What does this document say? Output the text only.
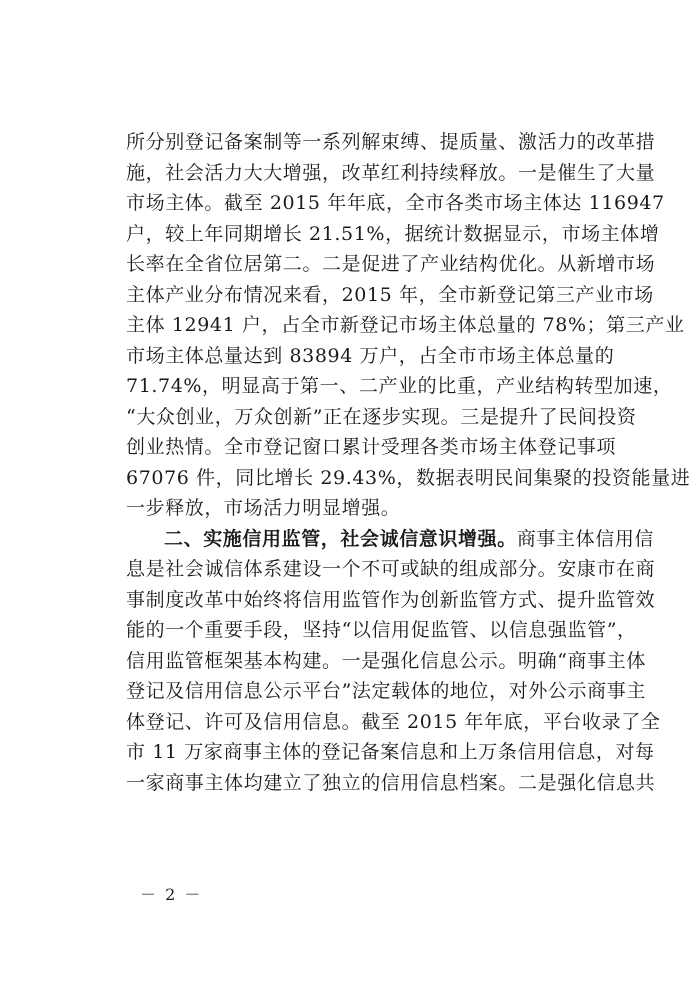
所分别登记备案制等一系列解束缚、提质量、激活力的改革措
施，社会活力大大增强，改革红利持续释放。一是催生了大量
市场主体。截至 2015 年年底，全市各类市场主体达 116947
户，较上年同期增长 21.51%，据统计数据显示，市场主体增
长率在全省位居第二。二是促进了产业结构优化。从新增市场
主体产业分布情况来看，2015 年，全市新登记第三产业市场
主体 12941 户，占全市新登记市场主体总量的 78%；第三产业
市场主体总量达到 83894 万户，占全市市场主体总量的
71.74%，明显高于第一、二产业的比重，产业结构转型加速，
“大众创业，万众创新”正在逐步实现。三是提升了民间投资
创业热情。全市登记窗口累计受理各类市场主体登记事项
67076 件，同比增长 29.43%，数据表明民间集聚的投资能量进
一步释放，市场活力明显增强。
二、实施信用监管，社会诚信意识增强。商事主体信用信
息是社会诚信体系建设一个不可或缺的组成部分。安康市在商
事制度改革中始终将信用监管作为创新监管方式、提升监管效
能的一个重要手段，坚持“以信用促监管、以信息强监管”，
信用监管框架基本构建。一是强化信息公示。明确“商事主体
登记及信用信息公示平台”法定载体的地位，对外公示商事主
体登记、许可及信用信息。截至 2015 年年底，平台收录了全
市 11 万家商事主体的登记备案信息和上万条信用信息，对每
一家商事主体均建立了独立的信用信息档案。二是强化信息共
－ 2 －
